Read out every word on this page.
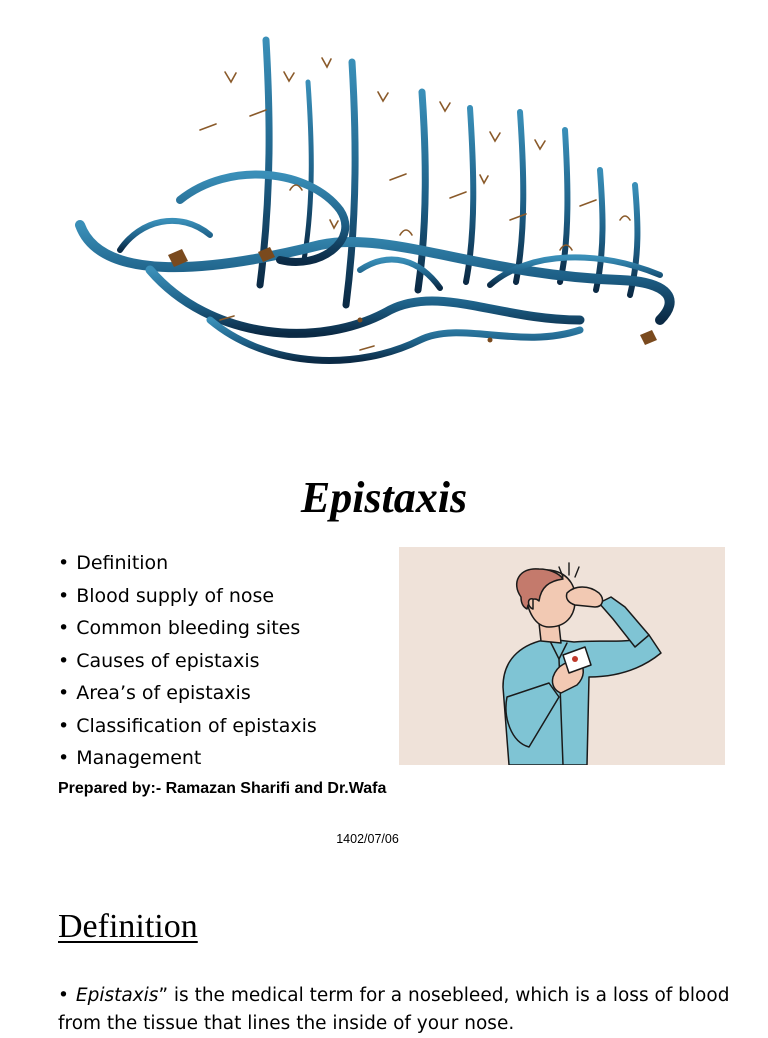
Epistaxis
• Definition
• Blood supply of nose
• Common bleeding sites
• Causes of epistaxis
• Area’s of epistaxis
• Classification of epistaxis
• Management
Prepared by:- Ramazan Sharifi and Dr.Wafa
1402/07/06
Definition
• Epistaxis” is the medical term for a nosebleed, which is a loss of blood from the tissue that lines the inside of your nose.
